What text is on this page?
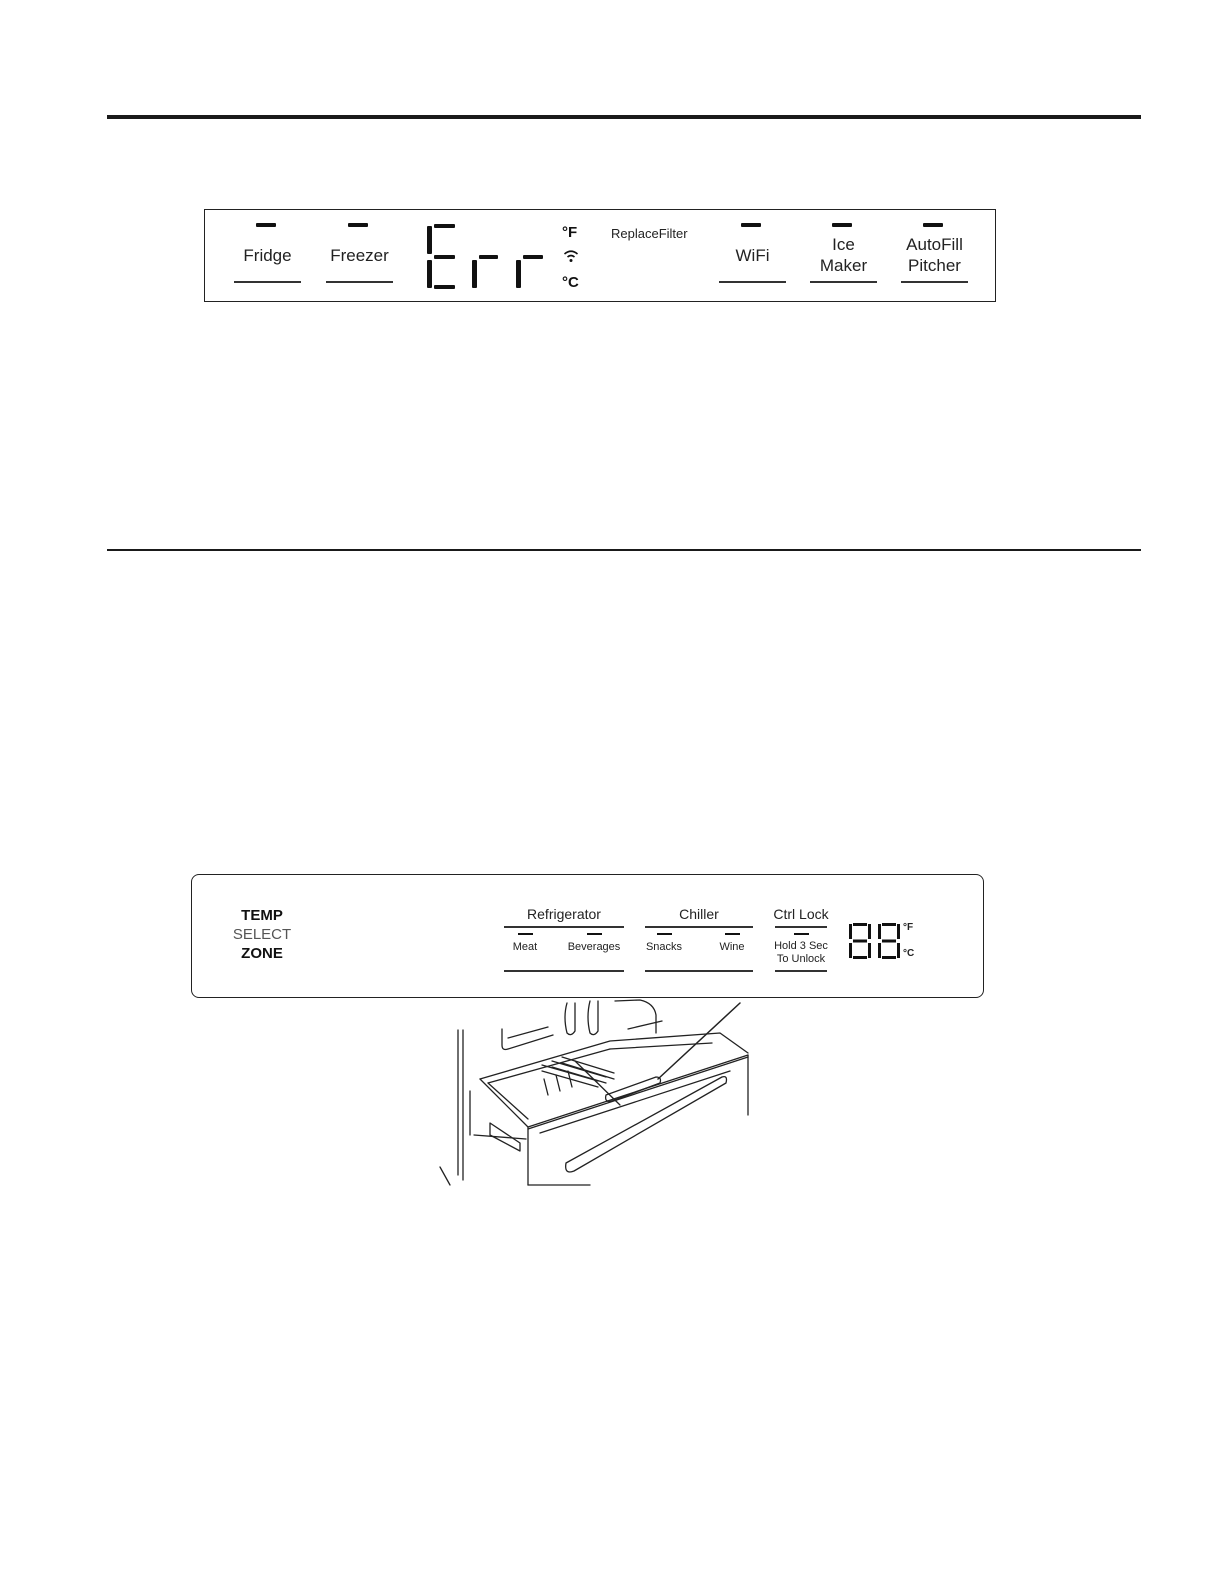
Fridge	Freezer
°F
°C
ReplaceFilter
WiFi
Ice
Maker
AutoFill
Pitcher
TEMP
SELECT
ZONE
Refrigerator
Meat	Beverages
Chiller
Snacks	Wine
Ctrl Lock
Hold 3 Sec
To Unlock
°F
°C
